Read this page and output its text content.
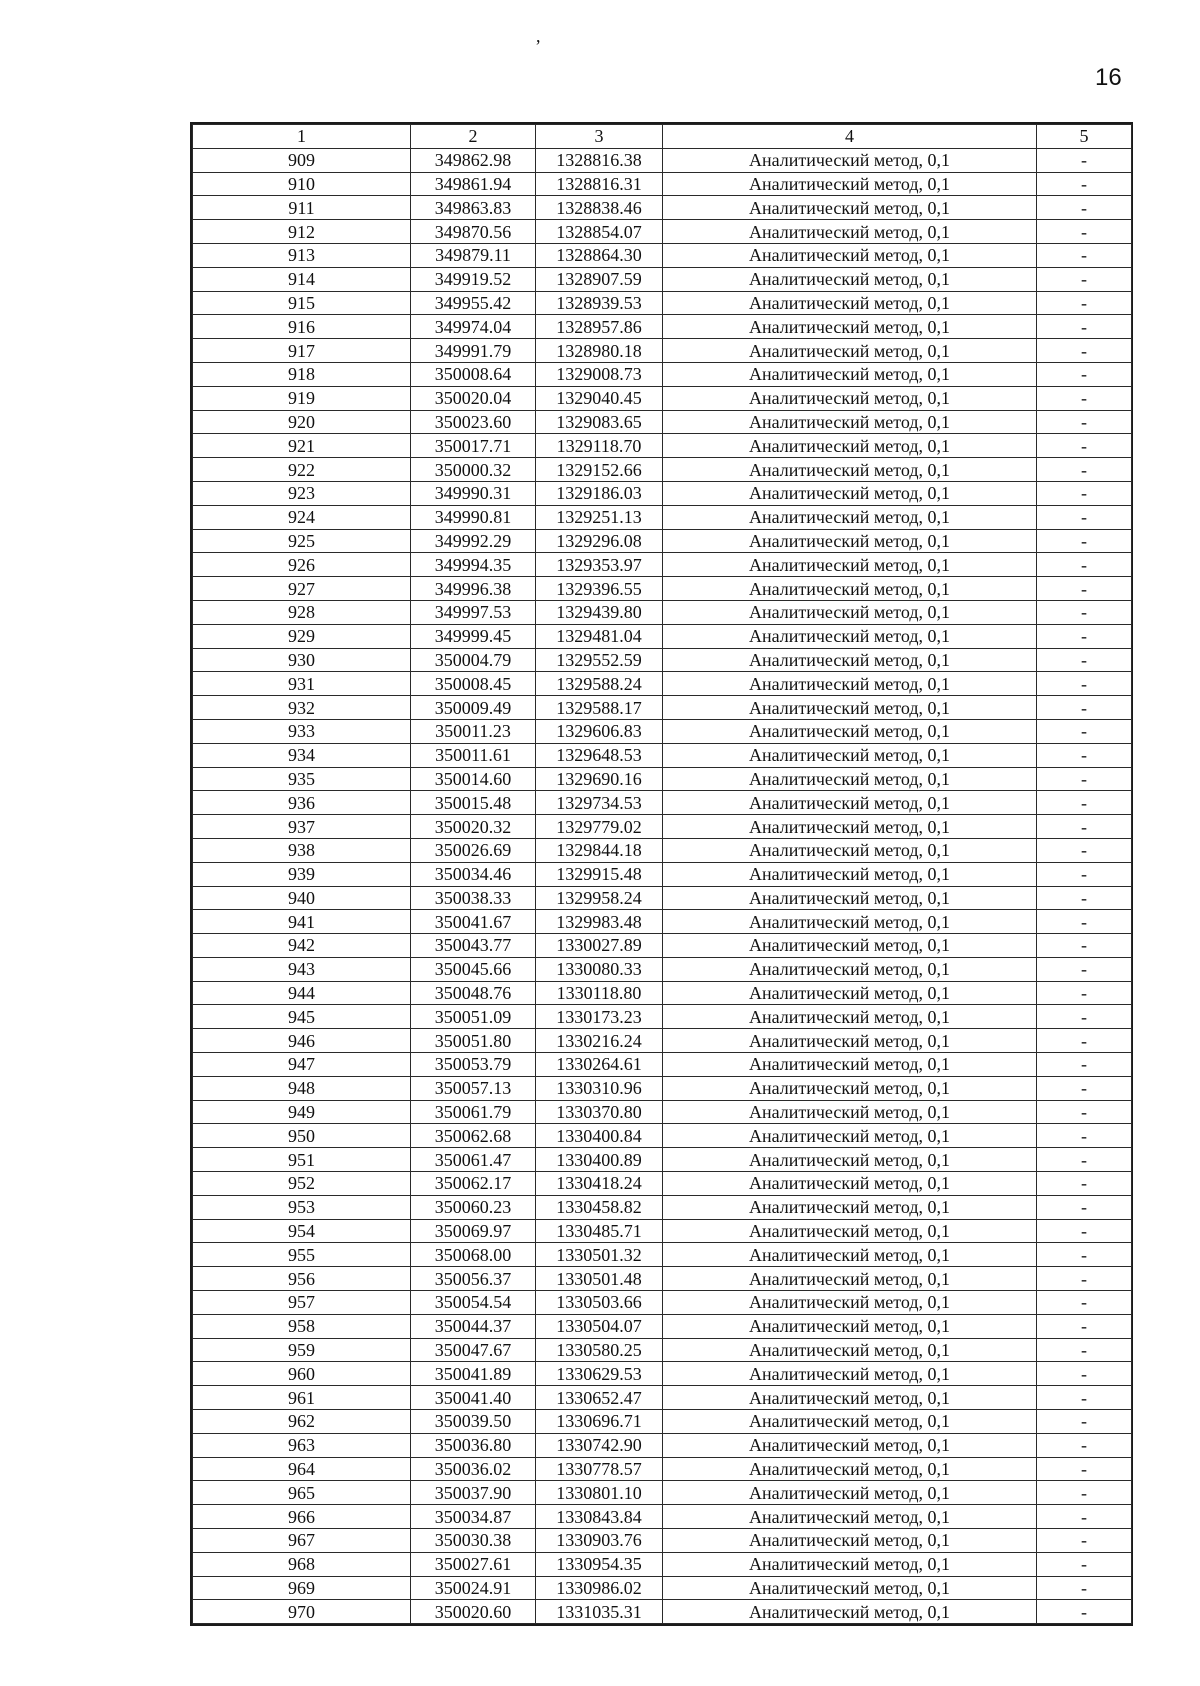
,
16
1	2	3	4	5
909	349862.98	1328816.38	Аналитический метод, 0,1	-
910	349861.94	1328816.31	Аналитический метод, 0,1	-
911	349863.83	1328838.46	Аналитический метод, 0,1	-
912	349870.56	1328854.07	Аналитический метод, 0,1	-
913	349879.11	1328864.30	Аналитический метод, 0,1	-
914	349919.52	1328907.59	Аналитический метод, 0,1	-
915	349955.42	1328939.53	Аналитический метод, 0,1	-
916	349974.04	1328957.86	Аналитический метод, 0,1	-
917	349991.79	1328980.18	Аналитический метод, 0,1	-
918	350008.64	1329008.73	Аналитический метод, 0,1	-
919	350020.04	1329040.45	Аналитический метод, 0,1	-
920	350023.60	1329083.65	Аналитический метод, 0,1	-
921	350017.71	1329118.70	Аналитический метод, 0,1	-
922	350000.32	1329152.66	Аналитический метод, 0,1	-
923	349990.31	1329186.03	Аналитический метод, 0,1	-
924	349990.81	1329251.13	Аналитический метод, 0,1	-
925	349992.29	1329296.08	Аналитический метод, 0,1	-
926	349994.35	1329353.97	Аналитический метод, 0,1	-
927	349996.38	1329396.55	Аналитический метод, 0,1	-
928	349997.53	1329439.80	Аналитический метод, 0,1	-
929	349999.45	1329481.04	Аналитический метод, 0,1	-
930	350004.79	1329552.59	Аналитический метод, 0,1	-
931	350008.45	1329588.24	Аналитический метод, 0,1	-
932	350009.49	1329588.17	Аналитический метод, 0,1	-
933	350011.23	1329606.83	Аналитический метод, 0,1	-
934	350011.61	1329648.53	Аналитический метод, 0,1	-
935	350014.60	1329690.16	Аналитический метод, 0,1	-
936	350015.48	1329734.53	Аналитический метод, 0,1	-
937	350020.32	1329779.02	Аналитический метод, 0,1	-
938	350026.69	1329844.18	Аналитический метод, 0,1	-
939	350034.46	1329915.48	Аналитический метод, 0,1	-
940	350038.33	1329958.24	Аналитический метод, 0,1	-
941	350041.67	1329983.48	Аналитический метод, 0,1	-
942	350043.77	1330027.89	Аналитический метод, 0,1	-
943	350045.66	1330080.33	Аналитический метод, 0,1	-
944	350048.76	1330118.80	Аналитический метод, 0,1	-
945	350051.09	1330173.23	Аналитический метод, 0,1	-
946	350051.80	1330216.24	Аналитический метод, 0,1	-
947	350053.79	1330264.61	Аналитический метод, 0,1	-
948	350057.13	1330310.96	Аналитический метод, 0,1	-
949	350061.79	1330370.80	Аналитический метод, 0,1	-
950	350062.68	1330400.84	Аналитический метод, 0,1	-
951	350061.47	1330400.89	Аналитический метод, 0,1	-
952	350062.17	1330418.24	Аналитический метод, 0,1	-
953	350060.23	1330458.82	Аналитический метод, 0,1	-
954	350069.97	1330485.71	Аналитический метод, 0,1	-
955	350068.00	1330501.32	Аналитический метод, 0,1	-
956	350056.37	1330501.48	Аналитический метод, 0,1	-
957	350054.54	1330503.66	Аналитический метод, 0,1	-
958	350044.37	1330504.07	Аналитический метод, 0,1	-
959	350047.67	1330580.25	Аналитический метод, 0,1	-
960	350041.89	1330629.53	Аналитический метод, 0,1	-
961	350041.40	1330652.47	Аналитический метод, 0,1	-
962	350039.50	1330696.71	Аналитический метод, 0,1	-
963	350036.80	1330742.90	Аналитический метод, 0,1	-
964	350036.02	1330778.57	Аналитический метод, 0,1	-
965	350037.90	1330801.10	Аналитический метод, 0,1	-
966	350034.87	1330843.84	Аналитический метод, 0,1	-
967	350030.38	1330903.76	Аналитический метод, 0,1	-
968	350027.61	1330954.35	Аналитический метод, 0,1	-
969	350024.91	1330986.02	Аналитический метод, 0,1	-
970	350020.60	1331035.31	Аналитический метод, 0,1	-
